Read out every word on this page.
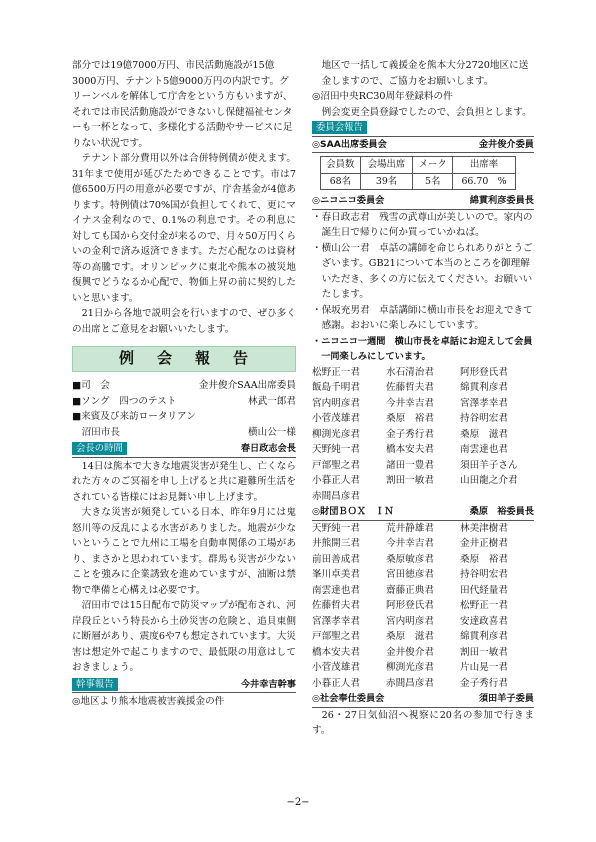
部分では19億7000万円、市民活動施設が15億3000万円、テナント5億9000万円の内訳です。グリーンベルを解体して庁舎をという方もいますが、それでは市民活動施設ができないし保健福祉センターも一杯となって、多様化する活動やサービスに足りない状況です。

テナント部分費用以外は合併特例債が使えます。31年まで使用が延びたためできることです。市は7億6500万円の用意が必要ですが、庁舎基金が4億あります。特例債は70%国が負担してくれて、更にマイナス金利なので、0.1%の利息です。その利息に対しても国から交付金が来るので、月々50万円くらいの金利で済み返済できます。ただ心配なのは資材等の高騰です。オリンピックに東北や熊本の被災地復興でどうなるか心配で、物価上昇の前に契約したいと思います。

21日から各地で説明会を行いますので、ぜひ多くの出席とご意見をお願いいたします。

例 会 報 告
■司　会	金井俊介SAA出席委員
■ソング　四つのテスト	林武一郎君
■来賓及び来訪ロータリアン
　沼田市長	横山公一様
会長の時間	春日政志会長

14日は熊本で大きな地震災害が発生し、亡くなられた方々のご冥福を申し上げると共に避難所生活をされている皆様にはお見舞い申し上げます。

大きな災害が頻発している日本、昨年9月には鬼怒川等の反乱による水害がありました。地震が少ないということで九州に工場を自動車関係の工場があり、まさかと思われています。群馬も災害が少ないことを強みに企業誘致を進めていますが、油断は禁物で準備と心構えは必要です。

沼田市では15日配布で防災マップが配布され、河岸段丘という特長から土砂災害の危険と、追貝東側に断層があり、震度6や7も想定されています。大災害は想定外で起こりますので、最低限の用意はしておきましょう。

幹事報告	今井幸吉幹事

◎地区より熊本地震被害義援金の件

地区で一括して義援金を熊本大分2720地区に送金しますので、ご協力をお願いします。

◎沼田中央RC30周年登録料の件

例会変更全員登録でしたので、会負担とします。

委員会報告
◎SAA出席委員会	金井俊介委員
会員数	会場出席	メーク	出席率
68名	39名	5名	66.70　%
◎ニコニコ委員会	綿貫利彦委員長

・春日政志君　残雪の武尊山が美しいので。家内の誕生日で帰りに何か買っていかねば。

・横山公一君　卓話の講師を命じられありがとうございます。GB21について本当のところを御理解いただき、多くの方に伝えてください。お願いいたします。

・保坂充男君　卓話講師に横山市長をお迎えできて感謝。おおいに楽しみにしています。

・ニコニコ一週間　横山市長を卓話にお迎えして会員一同楽しみにしています。

松野正一君	水石清治君	阿形登氏君
飯島千明君	佐藤哲夫君	綿貫利彦君
宮内明彦君	今井幸吉君	宮澤孝幸君
小菅茂雄君	桑原　裕君	持谷明宏君
柳渕光彦君	金子秀行君	桑原　滋君
天野純一君	橋本安夫君	南雲達也君
戸部聖之君	諸田一豊君	須田羊子さん
小暮正人君	割田一敏君	山田龍之介君
赤間昌彦君
◎財団ＢＯＸ　ＩＮ	桑原　裕委員長
天野純一君	荒井静雄君	林美津樹君
井熊開三君	今井幸吉君	金井正樹君
前田善成君	桑原敏彦君	桑原　裕君
峯川卓美君	宮田徳彦君	持谷明宏君
南雲達也君	齋藤正典君	田代経量君
佐藤哲夫君	阿形登氏君	松野正一君
宮澤孝幸君	宮内明彦君	安達政喜君
戸部聖之君	桑原　滋君	綿貫利彦君
橋本安夫君	金井俊介君	割田一敏君
小菅茂雄君	柳渕光彦君	片山晃一君
小暮正人君	赤間昌彦君	金子秀行君
◎社会奉仕委員会	須田羊子委員

26・27日気仙沼へ視察に20名の参加で行きます。

−2−
